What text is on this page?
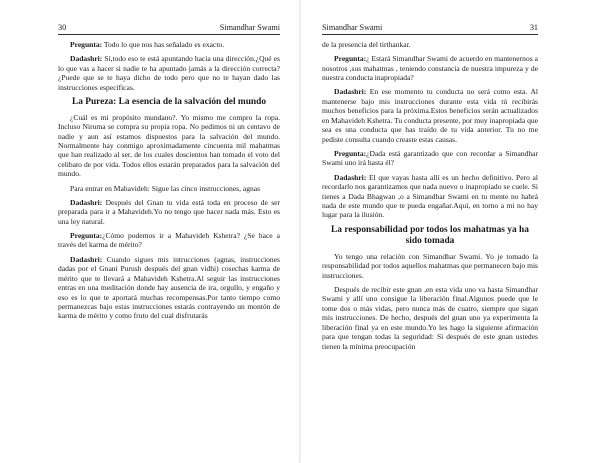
30	Simandhar Swami

Pregunta: Todo lo que nos has señalado es exacto.

Dadashri: Sí,todo eso te está apuntando hacia una dirección.¿Qué es lo que vas a hacer si nadie te ha apuntado jamás a la dirección correcta? ¿Puede que se te haya dicho de todo pero que no te hayan dado las instrucciones específicas.

La Pureza: La esencia de la salvación del mundo

¿Cuál es mi propósito mundano?. Yo mismo me compro la ropa. Incluso Niruma se compra su propia ropa. No pedimos ni un centavo de nadie y aun así estamos dispuestos para la salvación del mundo. Normalmente hay conmigo aproximadamente cincuenta mil mahatmas que han realizado al ser, de los cuales doscientos han tomado el voto del celibato de por vida. Todos ellos estarán preparados para la salvación del mundo.

Para entrar en Mahavideh: Sigue las cinco instrucciones, agnas

Dadashri: Después del Gnan tu vida está toda en proceso de ser preparada para ir a Mahavideh.Yo no tengo que hacer nada más. Esto es una ley natural.

Pregunta:¿Cómo podemos ir a Mahavideh Kshetra? ¿Se hace a través del karma de mérito?

Dadashri: Cuando sigues mis intrucciones (agnas, instrucciones dadas por el Gnani Purush después del gnan vidhi) cosechas karma de mérito que te llevará a Mahavideh Kshetra.Al seguir las instrucciones entras en una meditación donde hay ausencia de ira, orgullo, y engaño y eso es lo que te aportará muchas recompensas.Por tanto tiempo como permanezcas bajo estas instrucciones estarás contrayendo un montón de karma de mérito y como fruto del cual disfrutarás

Simandhar Swami	31

de la presencia del tirthankar.

Pregunta:¿ Estará Simandhar Swami de acuerdo en mantenernos a nosotros ,sus mahatmas , teniendo constancia de nuestra impureza y de nuestra conducta inapropiada?

Dadashri: En ese momento tu conducta no será como esta. Al mantenerse bajo mis instrucciones durante esta vida tú recibirás muchos beneficios para la próxima.Estos beneficios serán actualizados en Mahavideh Kshetra. Tu conducta presente, por muy inapropiada que sea es una conducta que has traído de tu vida anterior. Tu no me pediste consulta cuando creaste estas causas.

Pregunta:¿Dada está garantizado que con recordar a Simandhar Swami uno irá hasta él?

Dadashri: El que vayas hasta allí es un hecho definitivo. Pero al recordarlo nos garantizamos que nada nuevo o inapropiado se cuele. Si tienes a Dada Bhagwan ,o a Simandhar Swami en tu mente no habrá nada de este mundo que te pueda engañar.Aquí, en torno a mi no hay lugar para la ilusión.

La responsabilidad por todos los mahatmas ya ha sido tomada

Yo tengo una relación con Simandhar Swami. Yo je tomado la responsabilidad por todos aquellos mahatmas que permanecen bajo mis instrucciones.

Después de recibir este gnan ,en esta vida uno va hasta Simandhar Swami y allí uno consigue la liberación final.Algunos puede que le tome dos o más vidas, pero nunca más de cuatro, siempre que sigan mis instrucciones. De hecho, después del gnan uno ya experimenta la liberación final ya en este mundo.Yo les hago la siguiente afirmación para que tengan todas la seguridad: Si después de este gnan ustedes tienen la mínima preocupación
